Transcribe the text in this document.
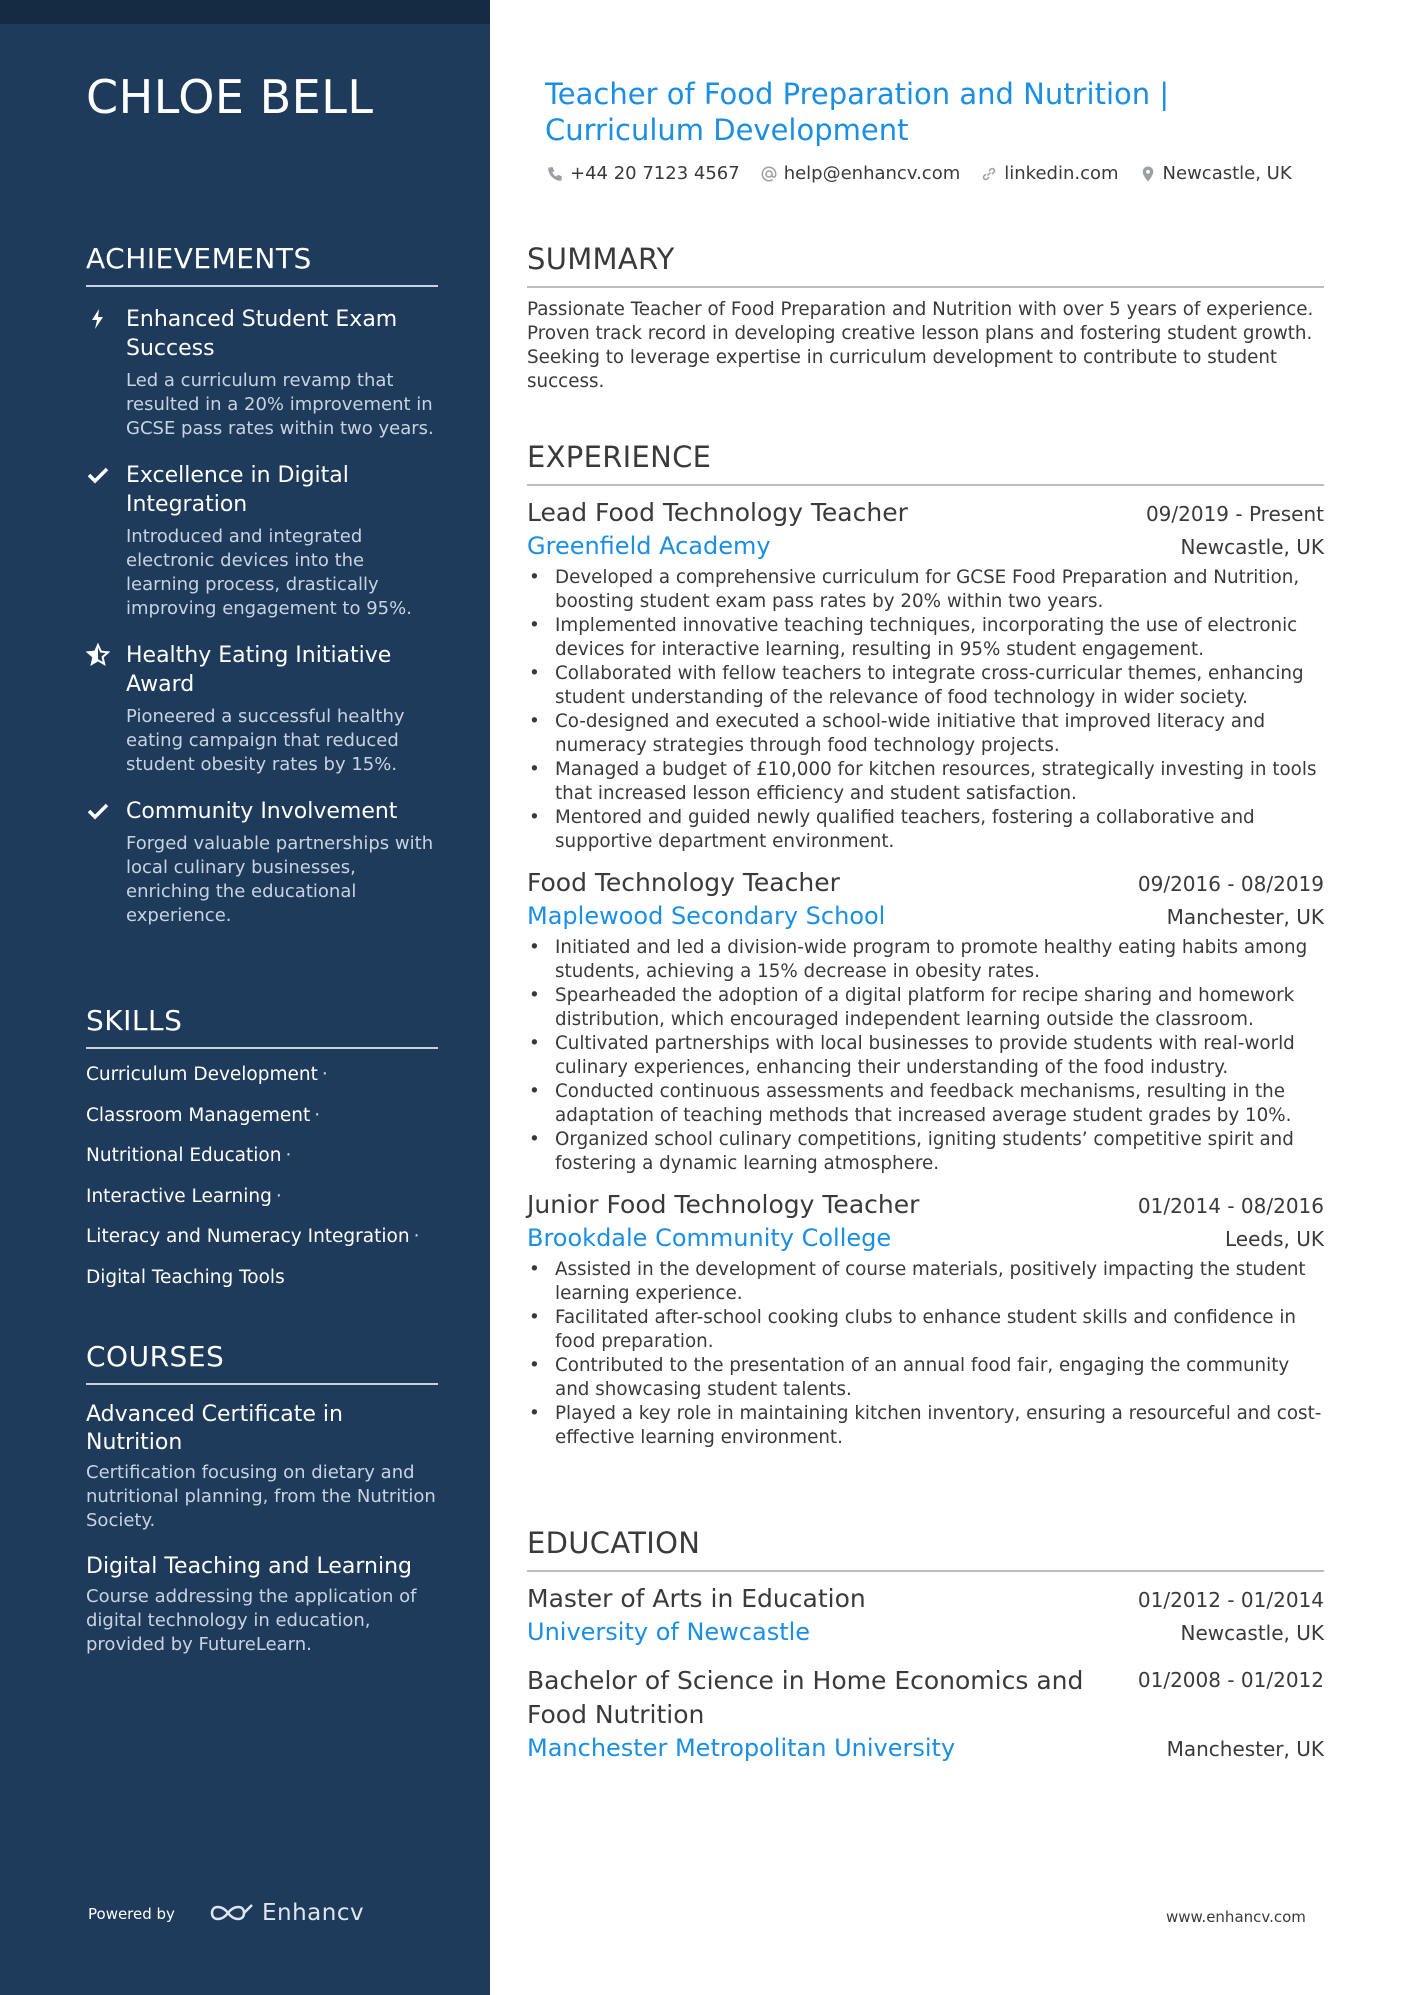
CHLOE BELL
ACHIEVEMENTS
Enhanced Student Exam Success
Led a curriculum revamp that resulted in a 20% improvement in GCSE pass rates within two years.
Excellence in Digital Integration
Introduced and integrated electronic devices into the learning process, drastically improving engagement to 95%.
Healthy Eating Initiative Award
Pioneered a successful healthy eating campaign that reduced student obesity rates by 15%.
Community Involvement
Forged valuable partnerships with local culinary businesses, enriching the educational experience.
SKILLS
Curriculum Development ·
Classroom Management ·
Nutritional Education ·
Interactive Learning ·
Literacy and Numeracy Integration ·
Digital Teaching Tools
COURSES
Advanced Certificate in Nutrition
Certification focusing on dietary and nutritional planning, from the Nutrition Society.
Digital Teaching and Learning
Course addressing the application of digital technology in education, provided by FutureLearn.
Powered by	Enhancv
Teacher of Food Preparation and Nutrition | Curriculum Development
+44 20 7123 4567 help@enhancv.com linkedin.com Newcastle, UK
SUMMARY
Passionate Teacher of Food Preparation and Nutrition with over 5 years of experience. Proven track record in developing creative lesson plans and fostering student growth. Seeking to leverage expertise in curriculum development to contribute to student success.
EXPERIENCE
Lead Food Technology Teacher	09/2019 - Present
Greenfield Academy	Newcastle, UK
• Developed a comprehensive curriculum for GCSE Food Preparation and Nutrition, boosting student exam pass rates by 20% within two years.
• Implemented innovative teaching techniques, incorporating the use of electronic devices for interactive learning, resulting in 95% student engagement.
• Collaborated with fellow teachers to integrate cross-curricular themes, enhancing student understanding of the relevance of food technology in wider society.
• Co-designed and executed a school-wide initiative that improved literacy and numeracy strategies through food technology projects.
• Managed a budget of £10,000 for kitchen resources, strategically investing in tools that increased lesson efficiency and student satisfaction.
• Mentored and guided newly qualified teachers, fostering a collaborative and supportive department environment.
Food Technology Teacher	09/2016 - 08/2019
Maplewood Secondary School	Manchester, UK
• Initiated and led a division-wide program to promote healthy eating habits among students, achieving a 15% decrease in obesity rates.
• Spearheaded the adoption of a digital platform for recipe sharing and homework distribution, which encouraged independent learning outside the classroom.
• Cultivated partnerships with local businesses to provide students with real-world culinary experiences, enhancing their understanding of the food industry.
• Conducted continuous assessments and feedback mechanisms, resulting in the adaptation of teaching methods that increased average student grades by 10%.
• Organized school culinary competitions, igniting students’ competitive spirit and fostering a dynamic learning atmosphere.
Junior Food Technology Teacher	01/2014 - 08/2016
Brookdale Community College	Leeds, UK
• Assisted in the development of course materials, positively impacting the student learning experience.
• Facilitated after-school cooking clubs to enhance student skills and confidence in food preparation.
• Contributed to the presentation of an annual food fair, engaging the community and showcasing student talents.
• Played a key role in maintaining kitchen inventory, ensuring a resourceful and cost-effective learning environment.
EDUCATION
Master of Arts in Education	01/2012 - 01/2014
University of Newcastle	Newcastle, UK
Bachelor of Science in Home Economics and Food Nutrition
01/2008 - 01/2012
Manchester Metropolitan University	Manchester, UK
www.enhancv.com
